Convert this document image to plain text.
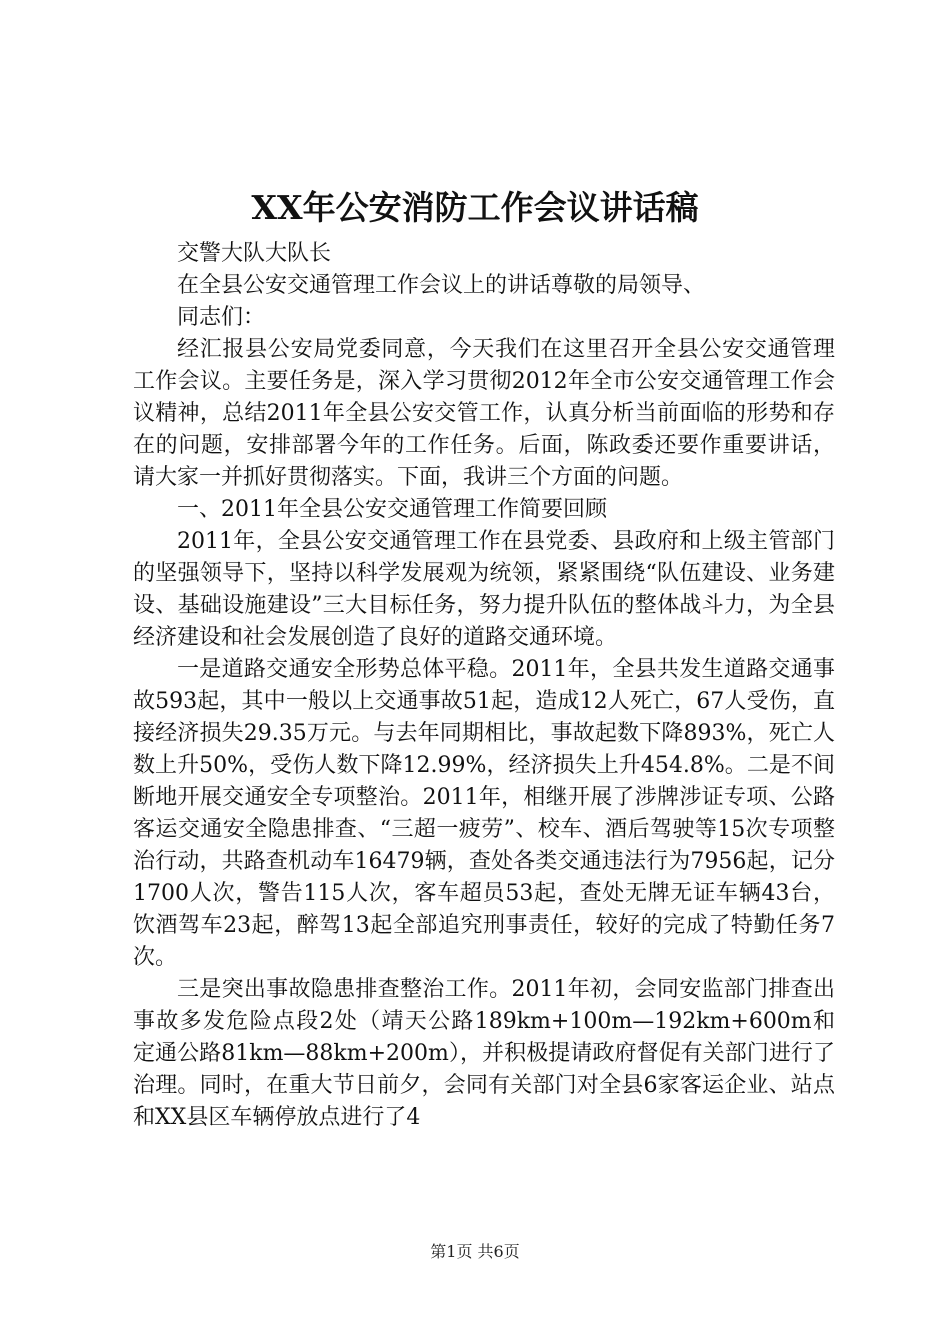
XX年公安消防工作会议讲话稿

交警大队大队长

在全县公安交通管理工作会议上的讲话尊敬的局领导、

同志们：

经汇报县公安局党委同意，今天我们在这里召开全县公安交通管理工作会议。主要任务是，深入学习贯彻2012年全市公安交通管理工作会议精神，总结2011年全县公安交管工作，认真分析当前面临的形势和存在的问题，安排部署今年的工作任务。后面，陈政委还要作重要讲话，请大家一并抓好贯彻落实。下面，我讲三个方面的问题。

一、2011年全县公安交通管理工作简要回顾

2011年，全县公安交通管理工作在县党委、县政府和上级主管部门的坚强领导下，坚持以科学发展观为统领，紧紧围绕“队伍建设、业务建设、基础设施建设”三大目标任务，努力提升队伍的整体战斗力，为全县经济建设和社会发展创造了良好的道路交通环境。

一是道路交通安全形势总体平稳。2011年，全县共发生道路交通事故593起，其中一般以上交通事故51起，造成12人死亡，67人受伤，直接经济损失29.35万元。与去年同期相比，事故起数下降893%，死亡人数上升50%，受伤人数下降12.99%，经济损失上升454.8%。二是不间断地开展交通安全专项整治。2011年，相继开展了涉牌涉证专项、公路客运交通安全隐患排查、“三超一疲劳”、校车、酒后驾驶等15次专项整治行动，共路查机动车16479辆，查处各类交通违法行为7956起，记分1700人次，警告115人次，客车超员53起，查处无牌无证车辆43台，饮酒驾车23起，醉驾13起全部追究刑事责任，较好的完成了特勤任务7次。

三是突出事故隐患排查整治工作。2011年初，会同安监部门排查出事故多发危险点段2处（靖天公路189km+100m—192km+600m和定通公路81km—88km+200m），并积极提请政府督促有关部门进行了治理。同时，在重大节日前夕，会同有关部门对全县6家客运企业、站点和XX县区车辆停放点进行了4

第1页 共6页
